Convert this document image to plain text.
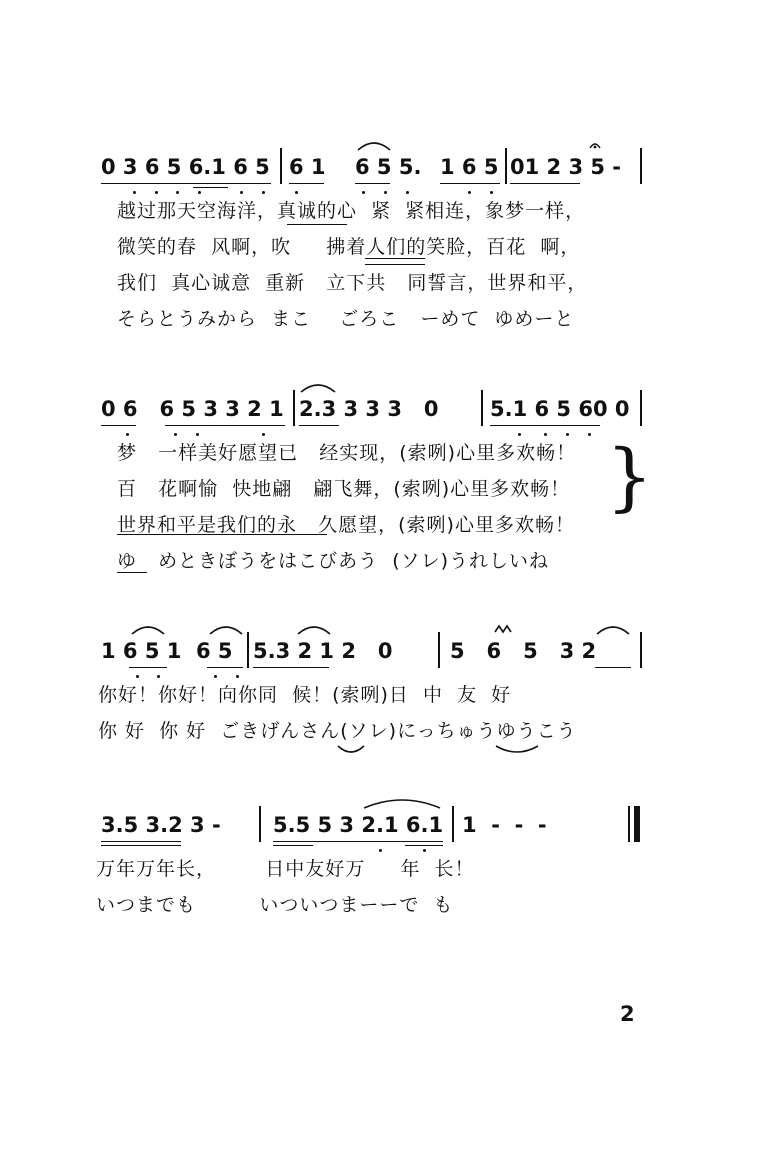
0 3 6 5 6.1 6 5

6 1

6 5 5.

1 6 5

01 2 3 5 -

越过那天空海洋，真诚的心  紧  紧相连，象梦一样，
微笑的春  风啊，吹     拂着人们的笑脸，百花  啊，
我们  真心诚意  重新   立下共   同誓言，世界和平，
そらとうみから  まこ    ごろこ   ーめて  ゆめーと

0 6   6 5 3 3 2 1

2.3 3 3 3   0

5.1 6 5 60 0

梦   一样美好愿望已   经实现，(索咧)心里多欢畅！
百   花啊愉  快地翩   翩飞舞，(索咧)心里多欢畅！
世界和平是我们的永   久愿望，(索咧)心里多欢畅！
ゆ   めときぼうをはこびあう  (ソレ)うれしいね
}

1 6 5 1  6 5

5.3 2 1 2   0

	5   6   5   3 2

你好！你好！向你同  候！(索咧)日  中  友  好
你 好  你 好  ごきげんさん(ソレ)にっちゅうゆうこう

3.5 3.2 3 -

5.5 5 3 2.1 6.1

1  -  -  -

万年万年长，       日中友好万     年  长！
いつまでも         いついつまーーで  も
2
